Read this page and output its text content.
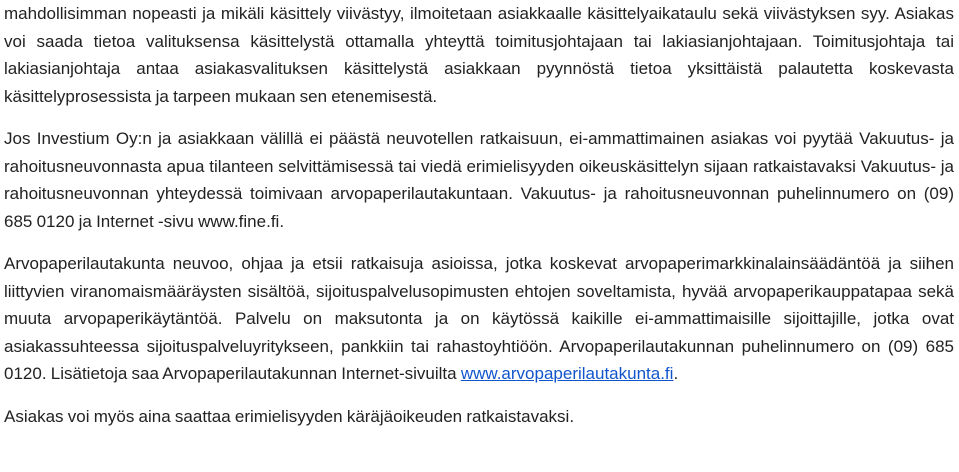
mahdollisimman nopeasti ja mikäli käsittely viivästyy, ilmoitetaan asiakkaalle käsittelyaikataulu sekä viivästyksen syy. Asiakas voi saada tietoa valituksensa käsittelystä ottamalla yhteyttä toimitusjohtajaan tai lakiasianjohtajaan. Toimitusjohtaja tai lakiasianjohtaja antaa asiakasvalituksen käsittelystä asiakkaan pyynnöstä tietoa yksittäistä palautetta koskevasta käsittelyprosessista ja tarpeen mukaan sen etenemisestä.

Jos Investium Oy:n ja asiakkaan välillä ei päästä neuvotellen ratkaisuun, ei-ammattimainen asiakas voi pyytää Vakuutus- ja rahoitusneuvonnasta apua tilanteen selvittämisessä tai viedä erimielisyyden oikeuskäsittelyn sijaan ratkaistavaksi Vakuutus- ja rahoitusneuvonnan yhteydessä toimivaan arvopaperilautakuntaan. Vakuutus- ja rahoitusneuvonnan puhelinnumero on (09) 685 0120 ja Internet -sivu www.fine.fi.

Arvopaperilautakunta neuvoo, ohjaa ja etsii ratkaisuja asioissa, jotka koskevat arvopaperimarkkinalainsäädäntöä ja siihen liittyvien viranomaismääräysten sisältöä, sijoituspalvelusopimusten ehtojen soveltamista, hyvää arvopaperikauppatapaa sekä muuta arvopaperikäytäntöä. Palvelu on maksutonta ja on käytössä kaikille ei-ammattimaisille sijoittajille, jotka ovat asiakassuhteessa sijoituspalveluyritykseen, pankkiin tai rahastoyhtiöön. Arvopaperilautakunnan puhelinnumero on (09) 685 0120. Lisätietoja saa Arvopaperilautakunnan Internet-sivuilta www.arvopaperilautakunta.fi.

Asiakas voi myös aina saattaa erimielisyyden käräjäoikeuden ratkaistavaksi.
